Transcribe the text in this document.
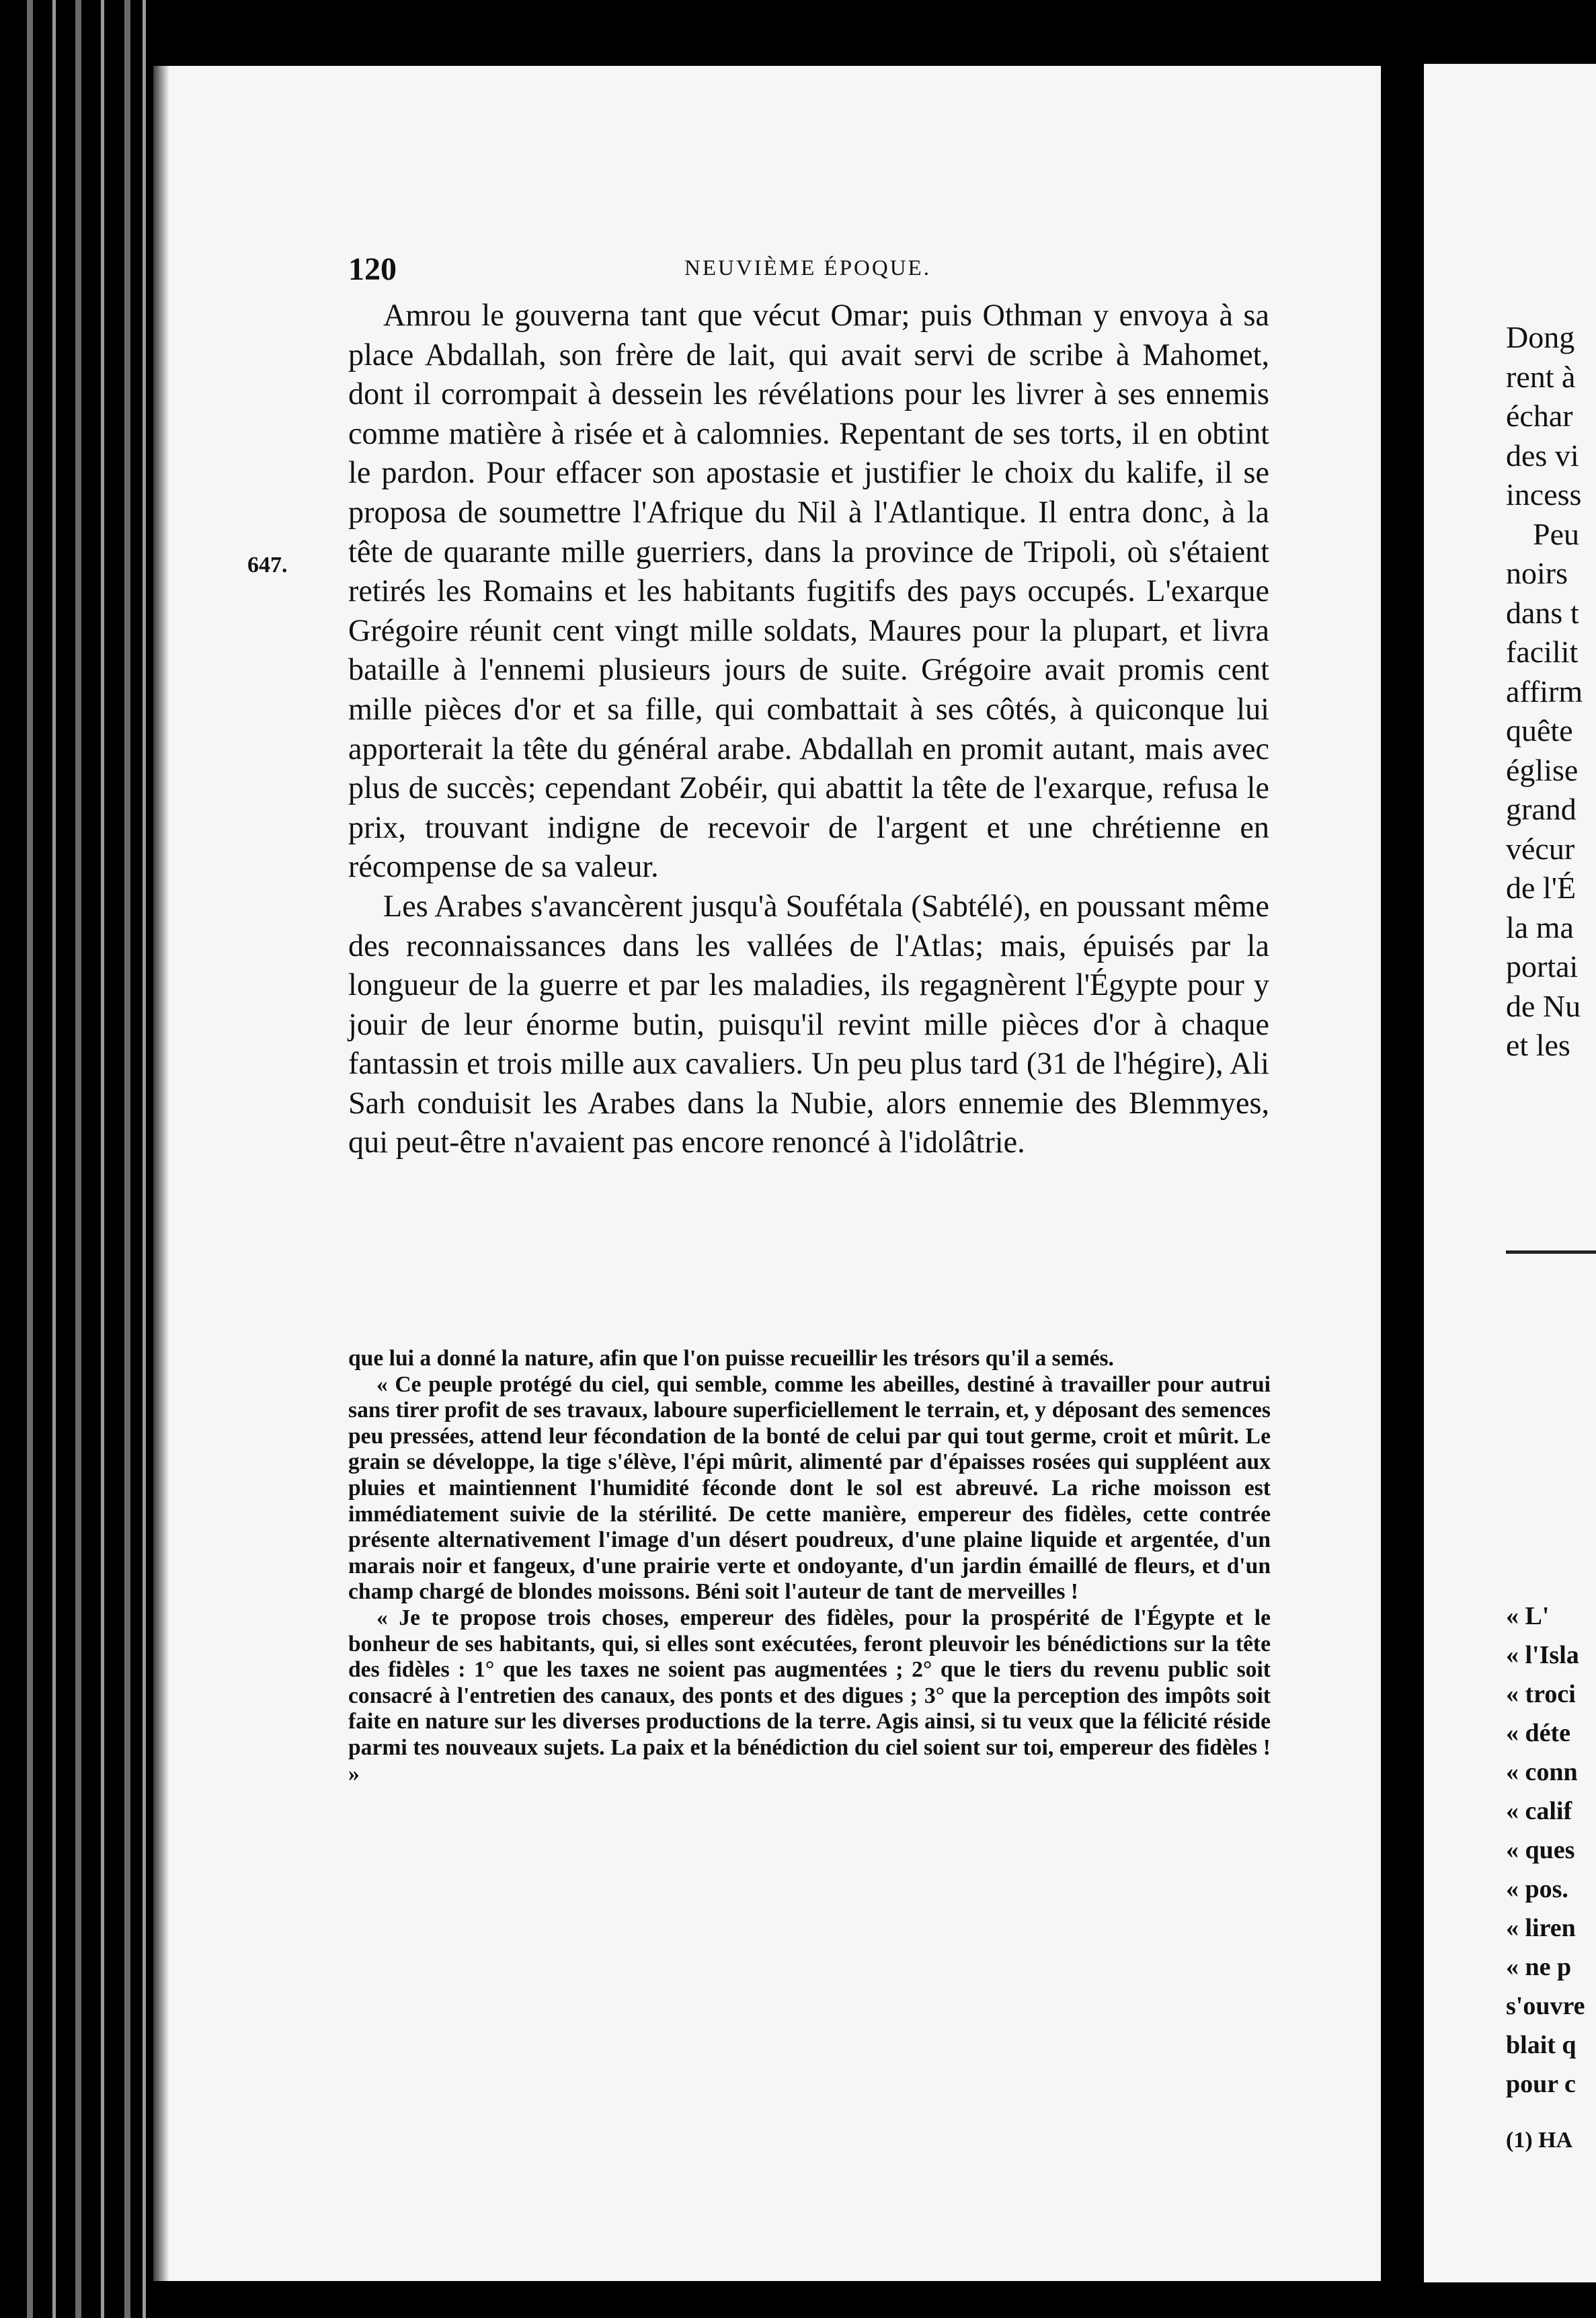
120	NEUVIÈME ÉPOQUE.
647.

Amrou le gouverna tant que vécut Omar; puis Othman y envoya à sa place Abdallah, son frère de lait, qui avait servi de scribe à Mahomet, dont il corrompait à dessein les révélations pour les livrer à ses ennemis comme matière à risée et à calomnies. Repentant de ses torts, il en obtint le pardon. Pour effacer son apostasie et justifier le choix du kalife, il se proposa de soumettre l'Afrique du Nil à l'Atlantique. Il entra donc, à la tête de quarante mille guerriers, dans la province de Tripoli, où s'étaient retirés les Romains et les habitants fugitifs des pays occupés. L'exarque Grégoire réunit cent vingt mille soldats, Maures pour la plupart, et livra bataille à l'ennemi plusieurs jours de suite. Grégoire avait promis cent mille pièces d'or et sa fille, qui combattait à ses côtés, à quiconque lui apporterait la tête du général arabe. Abdallah en promit autant, mais avec plus de succès; cependant Zobéir, qui abattit la tête de l'exarque, refusa le prix, trouvant indigne de recevoir de l'argent et une chrétienne en récompense de sa valeur.

Les Arabes s'avancèrent jusqu'à Soufétala (Sabtélé), en poussant même des reconnaissances dans les vallées de l'Atlas; mais, épuisés par la longueur de la guerre et par les maladies, ils regagnèrent l'Égypte pour y jouir de leur énorme butin, puisqu'il revint mille pièces d'or à chaque fantassin et trois mille aux cavaliers. Un peu plus tard (31 de l'hégire), Ali Sarh conduisit les Arabes dans la Nubie, alors ennemie des Blemmyes, qui peut-être n'avaient pas encore renoncé à l'idolâtrie.

que lui a donné la nature, afin que l'on puisse recueillir les trésors qu'il a semés.

« Ce peuple protégé du ciel, qui semble, comme les abeilles, destiné à travailler pour autrui sans tirer profit de ses travaux, laboure superficiellement le terrain, et, y déposant des semences peu pressées, attend leur fécondation de la bonté de celui par qui tout germe, croit et mûrit. Le grain se développe, la tige s'élève, l'épi mûrit, alimenté par d'épaisses rosées qui suppléent aux pluies et maintiennent l'humidité féconde dont le sol est abreuvé. La riche moisson est immédiatement suivie de la stérilité. De cette manière, empereur des fidèles, cette contrée présente alternativement l'image d'un désert poudreux, d'une plaine liquide et argentée, d'un marais noir et fangeux, d'une prairie verte et ondoyante, d'un jardin émaillé de fleurs, et d'un champ chargé de blondes moissons. Béni soit l'auteur de tant de merveilles !

« Je te propose trois choses, empereur des fidèles, pour la prospérité de l'Égypte et le bonheur de ses habitants, qui, si elles sont exécutées, feront pleuvoir les bénédictions sur la tête des fidèles : 1° que les taxes ne soient pas augmentées ; 2° que le tiers du revenu public soit consacré à l'entretien des canaux, des ponts et des digues ; 3° que la perception des impôts soit faite en nature sur les diverses productions de la terre. Agis ainsi, si tu veux que la félicité réside parmi tes nouveaux sujets. La paix et la bénédiction du ciel soient sur toi, empereur des fidèles ! »

Dong
rent à
échar
des vi
incess
Peu
noirs
dans t
facilit
affirm
quête
église
grand
vécur
de l'É
la ma
portai
de Nu
et les
« L'
« l'Isla
« troci
« déte
« conn
« calif
« ques
« pos.
« liren
« ne p
s'ouvre
blait q
pour c
(1) HA
